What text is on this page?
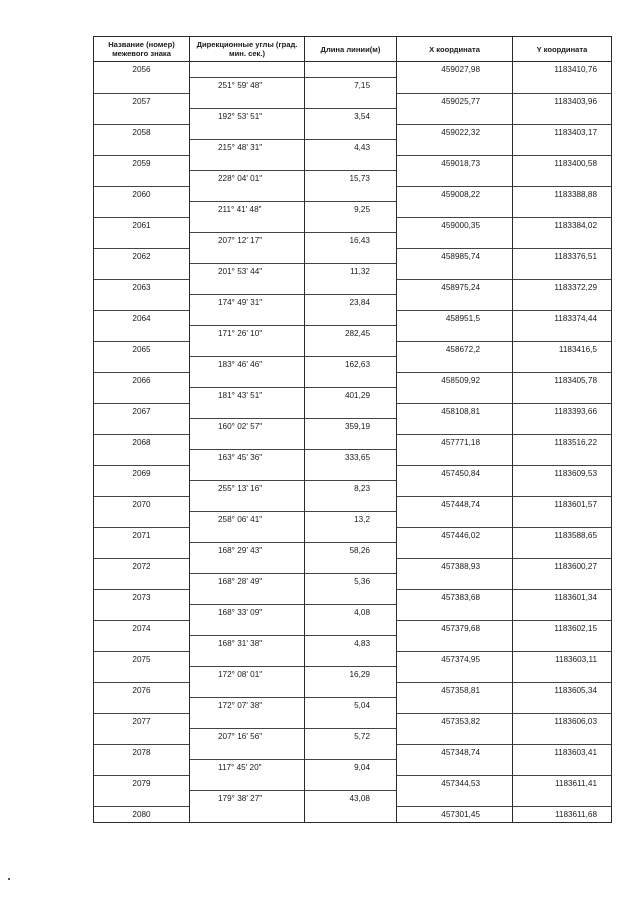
Название (номер) межевого знака	Дирекционные углы (град. мин. сек.)	Длина линии(м)	X координата	Y координата
2056			459027,98	1183410,76
	251° 59' 48"	7,15		
2057			459025,77	1183403,96
	192° 53' 51"	3,54		
2058			459022,32	1183403,17
	215° 48' 31"	4,43		
2059			459018,73	1183400,58
	228° 04' 01"	15,73		
2060			459008,22	1183388,88
	211° 41' 48"	9,25		
2061			459000,35	1183384,02
	207° 12' 17"	16,43		
2062			458985,74	1183376,51
	201° 53' 44"	11,32		
2063			458975,24	1183372,29
	174° 49' 31"	23,84		
2064			458951,5	1183374,44
	171° 26' 10"	282,45		
2065			458672,2	1183416,5
	183° 46' 46"	162,63		
2066			458509,92	1183405,78
	181° 43' 51"	401,29		
2067			458108,81	1183393,66
	160° 02' 57"	359,19		
2068			457771,18	1183516,22
	163° 45' 36"	333,65		
2069			457450,84	1183609,53
	255° 13' 16"	8,23		
2070			457448,74	1183601,57
	258° 06' 41"	13,2		
2071			457446,02	1183588,65
	168° 29' 43"	58,26		
2072			457388,93	1183600,27
	168° 28' 49"	5,36		
2073			457383,68	1183601,34
	168° 33' 09"	4,08		
2074			457379,68	1183602,15
	168° 31' 38"	4,83		
2075			457374,95	1183603,11
	172° 08' 01"	16,29		
2076			457358,81	1183605,34
	172° 07' 38"	5,04		
2077			457353,82	1183606,03
	207° 16' 56"	5,72		
2078			457348,74	1183603,41
	117° 45' 20"	9,04		
2079			457344,53	1183611,41
	179° 38' 27"	43,08		
2080			457301,45	1183611,68
